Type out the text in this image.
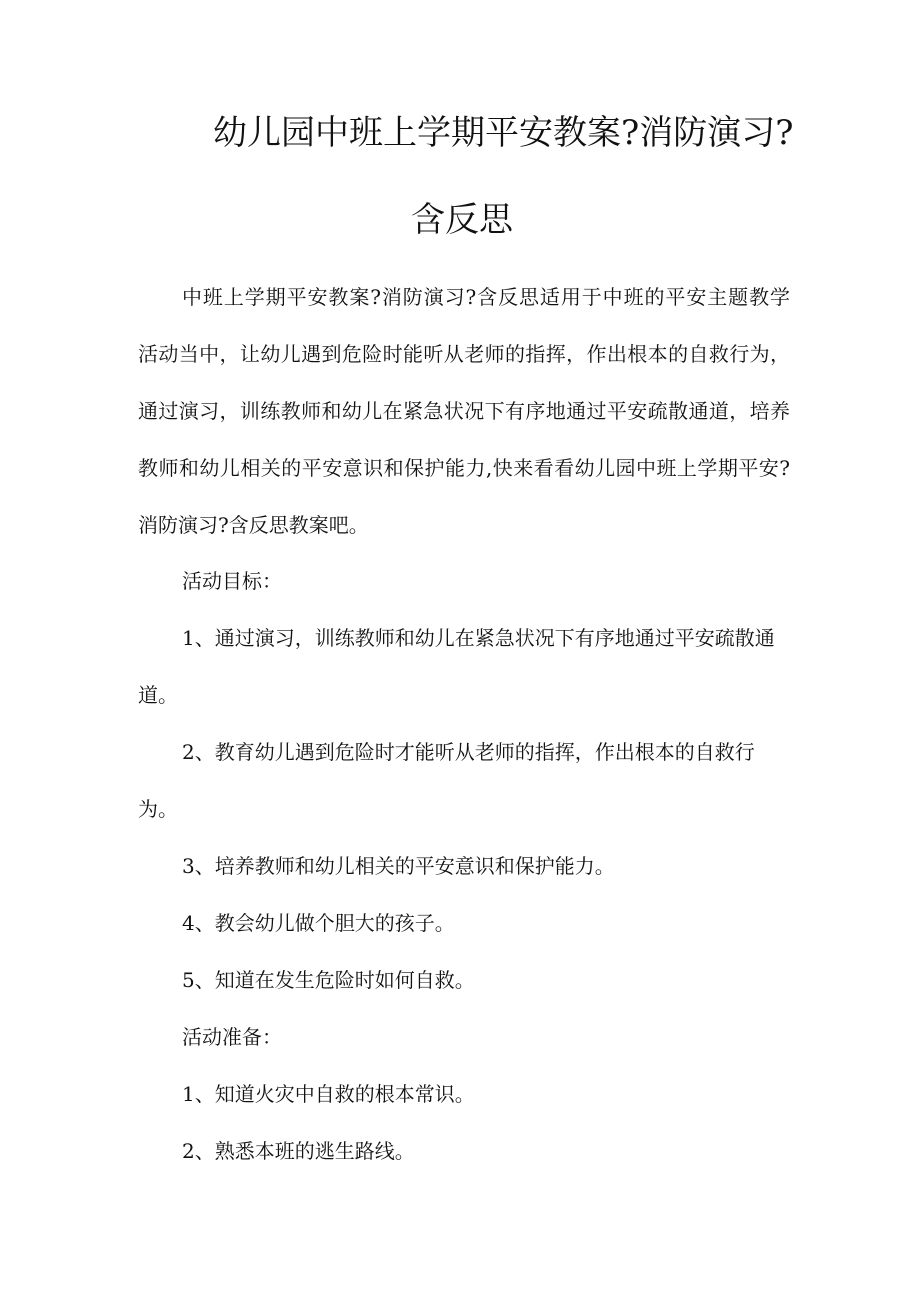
幼儿园中班上学期平安教案?消防演习?
含反思
中班上学期平安教案?消防演习?含反思适用于中班的平安主题教学
活动当中，让幼儿遇到危险时能听从老师的指挥，作出根本的自救行为，
通过演习，训练教师和幼儿在紧急状况下有序地通过平安疏散通道，培养
教师和幼儿相关的平安意识和保护能力,快来看看幼儿园中班上学期平安?
消防演习?含反思教案吧。
活动目标：
1、通过演习，训练教师和幼儿在紧急状况下有序地通过平安疏散通
道。
2、教育幼儿遇到危险时才能听从老师的指挥，作出根本的自救行
为。
3、培养教师和幼儿相关的平安意识和保护能力。
4、教会幼儿做个胆大的孩子。
5、知道在发生危险时如何自救。
活动准备：
1、知道火灾中自救的根本常识。
2、熟悉本班的逃生路线。
